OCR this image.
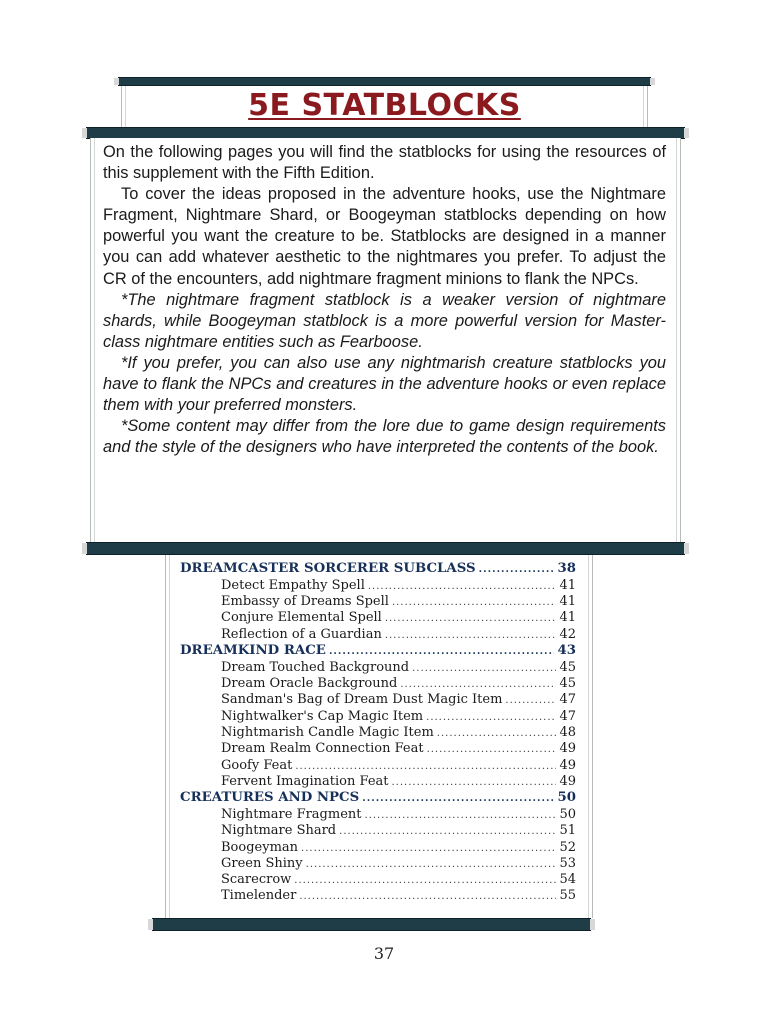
5E STATBLOCKS

On the following pages you will find the statblocks for using the resources of this supplement with the Fifth Edition.

To cover the ideas proposed in the adventure hooks, use the Nightmare Fragment, Nightmare Shard, or Boogeyman statblocks depending on how powerful you want the creature to be. Statblocks are designed in a manner you can add whatever aesthetic to the nightmares you prefer. To adjust the CR of the encounters, add nightmare fragment minions to flank the NPCs.

*The nightmare fragment statblock is a weaker version of nightmare shards, while Boogeyman statblock is a more powerful version for Master-class nightmare entities such as Fearboose.

*If you prefer, you can also use any nightmarish creature statblocks you have to flank the NPCs and creatures in the adventure hooks or even replace them with your preferred monsters.

*Some content may differ from the lore due to game design requirements and the style of the designers who have interpreted the contents of the book.

DREAMCASTER SORCERER SUBCLASS .....	38
Detect Empathy Spell .....	41
Embassy of Dreams Spell .....	41
Conjure Elemental Spell .....	41
Reflection of a Guardian .....	42
DREAMKIND RACE .....	43
Dream Touched Background .....	45
Dream Oracle Background .....	45
Sandman's Bag of Dream Dust Magic Item .....	47
Nightwalker's Cap Magic Item .....	47
Nightmarish Candle Magic Item .....	48
Dream Realm Connection Feat .....	49
Goofy Feat .....	49
Fervent Imagination Feat .....	49
CREATURES AND NPCS .....	50
Nightmare Fragment .....	50
Nightmare Shard .....	51
Boogeyman .....	52
Green Shiny .....	53
Scarecrow .....	54
Timelender .....	55

37
